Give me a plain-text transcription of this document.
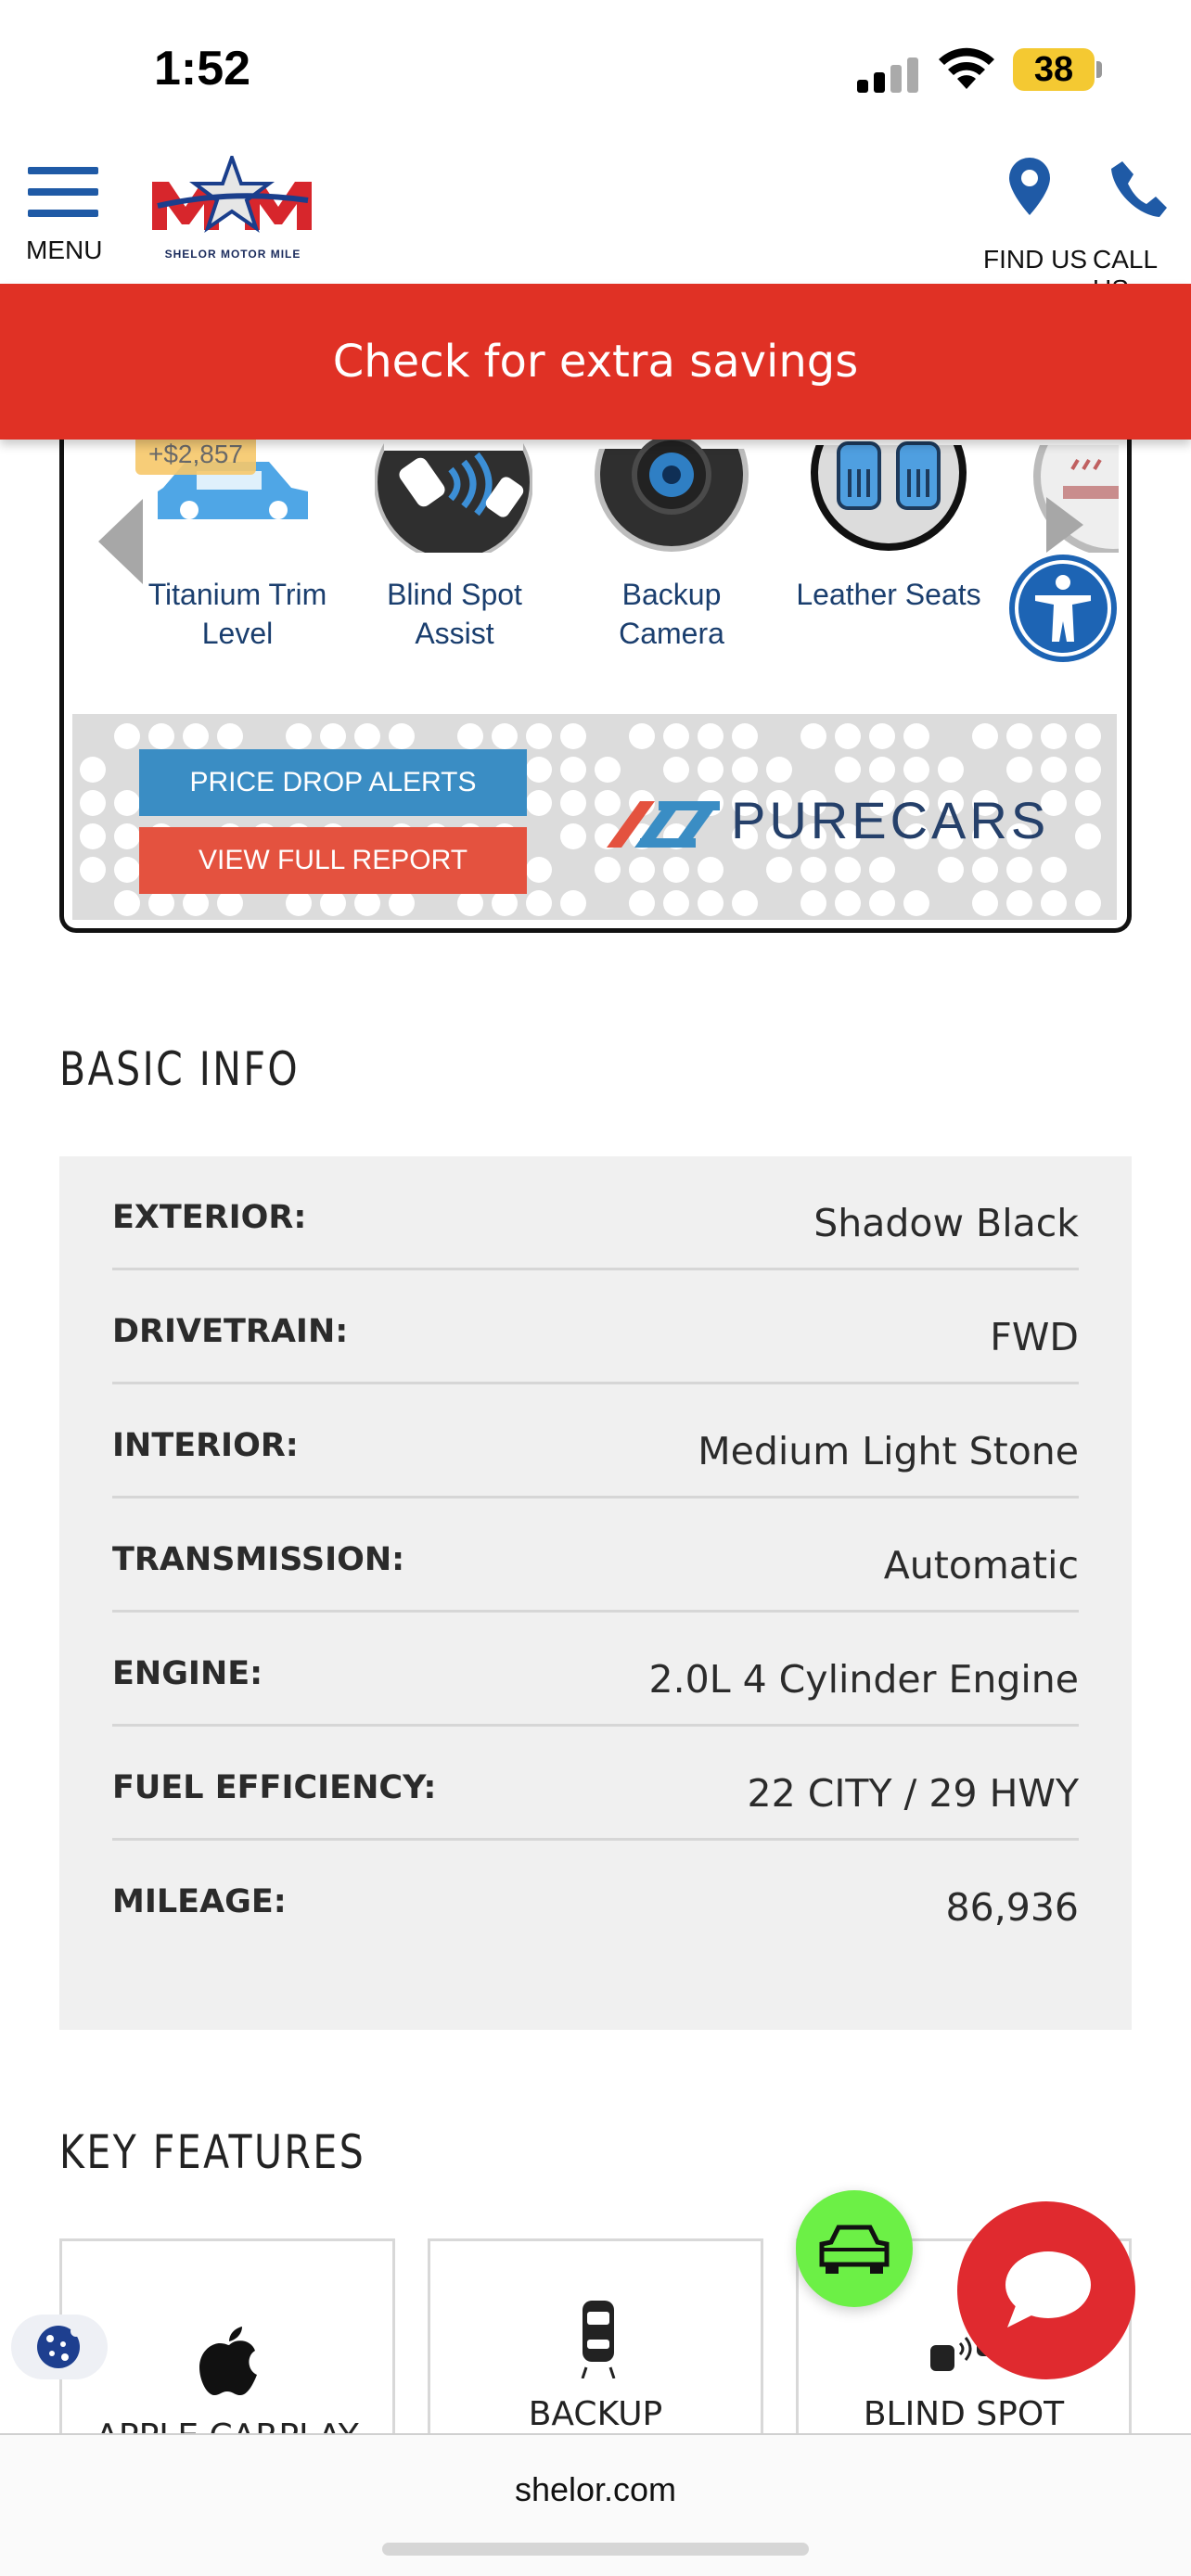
1:52	38
MENU	SHELOR MOTOR MILE	FIND US CALL
Check for extra savings
+$2,857
Titanium Trim
Level
Blind Spot
Assist
Backup
Camera
Leather Seats
PRICE DROP ALERTS
VIEW FULL REPORT
PURECARS
BASIC INFO
EXTERIOR:	Shadow Black
DRIVETRAIN:	FWD
INTERIOR:	Medium Light Stone
TRANSMISSION:	Automatic
ENGINE:	2.0L 4 Cylinder Engine
FUEL EFFICIENCY:	22 CITY / 29 HWY
MILEAGE:	86,936
KEY FEATURES
BACKUP	BLIND SPOT
shelor.com
